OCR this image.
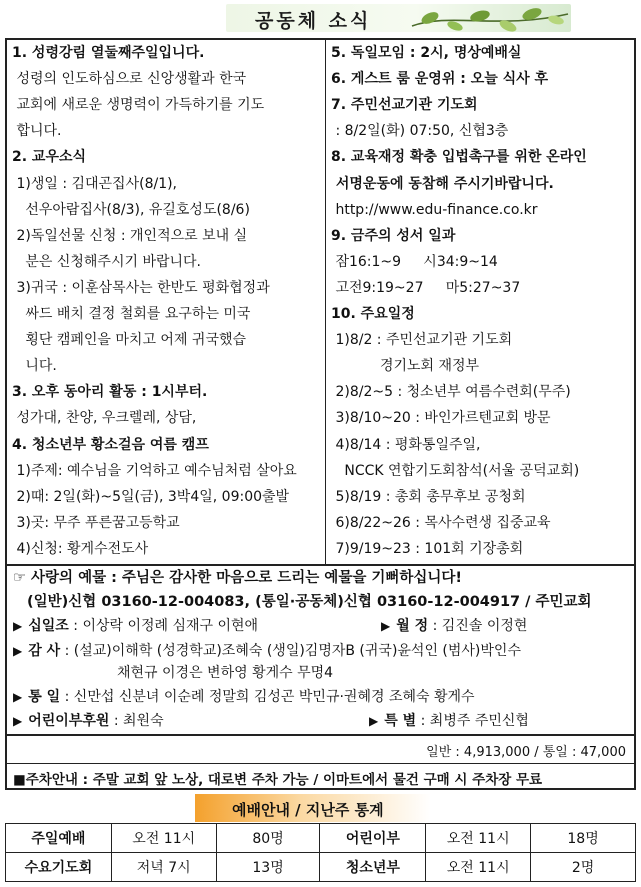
공동체 소식
1. 성령강림 열둘째주일입니다.
성령의 인도하심으로 신앙생활과 한국
교회에 새로운 생명력이 가득하기를 기도
합니다.
2. 교우소식
1)생일 : 김대곤집사(8/1),
선우아람집사(8/3), 유길호성도(8/6)
2)독일선물 신청 : 개인적으로 보내 실
분은 신청해주시기 바랍니다.
3)귀국 : 이훈삼목사는 한반도 평화협정과
싸드 배치 결정 철회를 요구하는 미국
횡단 캠페인을 마치고 어제 귀국했습
니다.
3. 오후 동아리 활동 : 1시부터.
성가대, 찬양, 우크렐레, 상담,
4. 청소년부 황소걸음 여름 캠프
1)주제: 예수님을 기억하고 예수님처럼 살아요
2)때: 2일(화)~5일(금), 3박4일, 09:00출발
3)곳: 무주 푸른꿈고등학교
4)신청: 황게수전도사
5. 독일모임 : 2시, 명상예배실
6. 게스트 룸 운영위 : 오늘 식사 후
7. 주민선교기관 기도회
: 8/2일(화) 07:50, 신협3층
8. 교육재정 확충 입법촉구를 위한 온라인
서명운동에 동참해 주시기바랍니다.
http://www.edu-finance.co.kr
9. 금주의 성서 일과
잠16:1~9     시34:9~14
고전9:19~27     마5:27~37
10. 주요일정
1)8/2 : 주민선교기관 기도회
경기노회 재정부
2)8/2~5 : 청소년부 여름수련회(무주)
3)8/10~20 : 바인가르텐교회 방문
4)8/14 : 평화통일주일,
NCCK 연합기도회참석(서울 공덕교회)
5)8/19 : 총회 총무후보 공청회
6)8/22~26 : 목사수련생 집중교육
7)9/19~23 : 101회 기장총회
☞ 사랑의 예물 : 주님은 감사한 마음으로 드리는 예물을 기뻐하십니다!
(일반)신협 03160-12-004083, (통일·공동체)신협 03160-12-004917 / 주민교회
▶ 십일조 : 이상락 이정례 심재구 이현애	▶ 월 정 : 김진솔 이정현
▶ 감 사 : (설교)이해학 (성경학교)조혜숙 (생일)김명자B (귀국)윤석인 (범사)박인수
채현규 이경은 변하영 황게수 무명4
▶ 통 일 : 신만섭 신분녀 이순례 정말희 김성곤 박민규·권혜경 조혜숙 황게수
▶ 어린이부후원 : 최원숙	▶ 특 별 : 최병주 주민신협
일반 : 4,913,000 / 통일 : 47,000
■주차안내 : 주말 교회 앞 노상, 대로변 주차 가능 / 이마트에서 물건 구매 시 주차장 무료
예배안내 / 지난주 통계
주일예배	오전 11시	80명	어린이부	오전 11시	18명
수요기도회	저녁 7시	13명	청소년부	오전 11시	2명
